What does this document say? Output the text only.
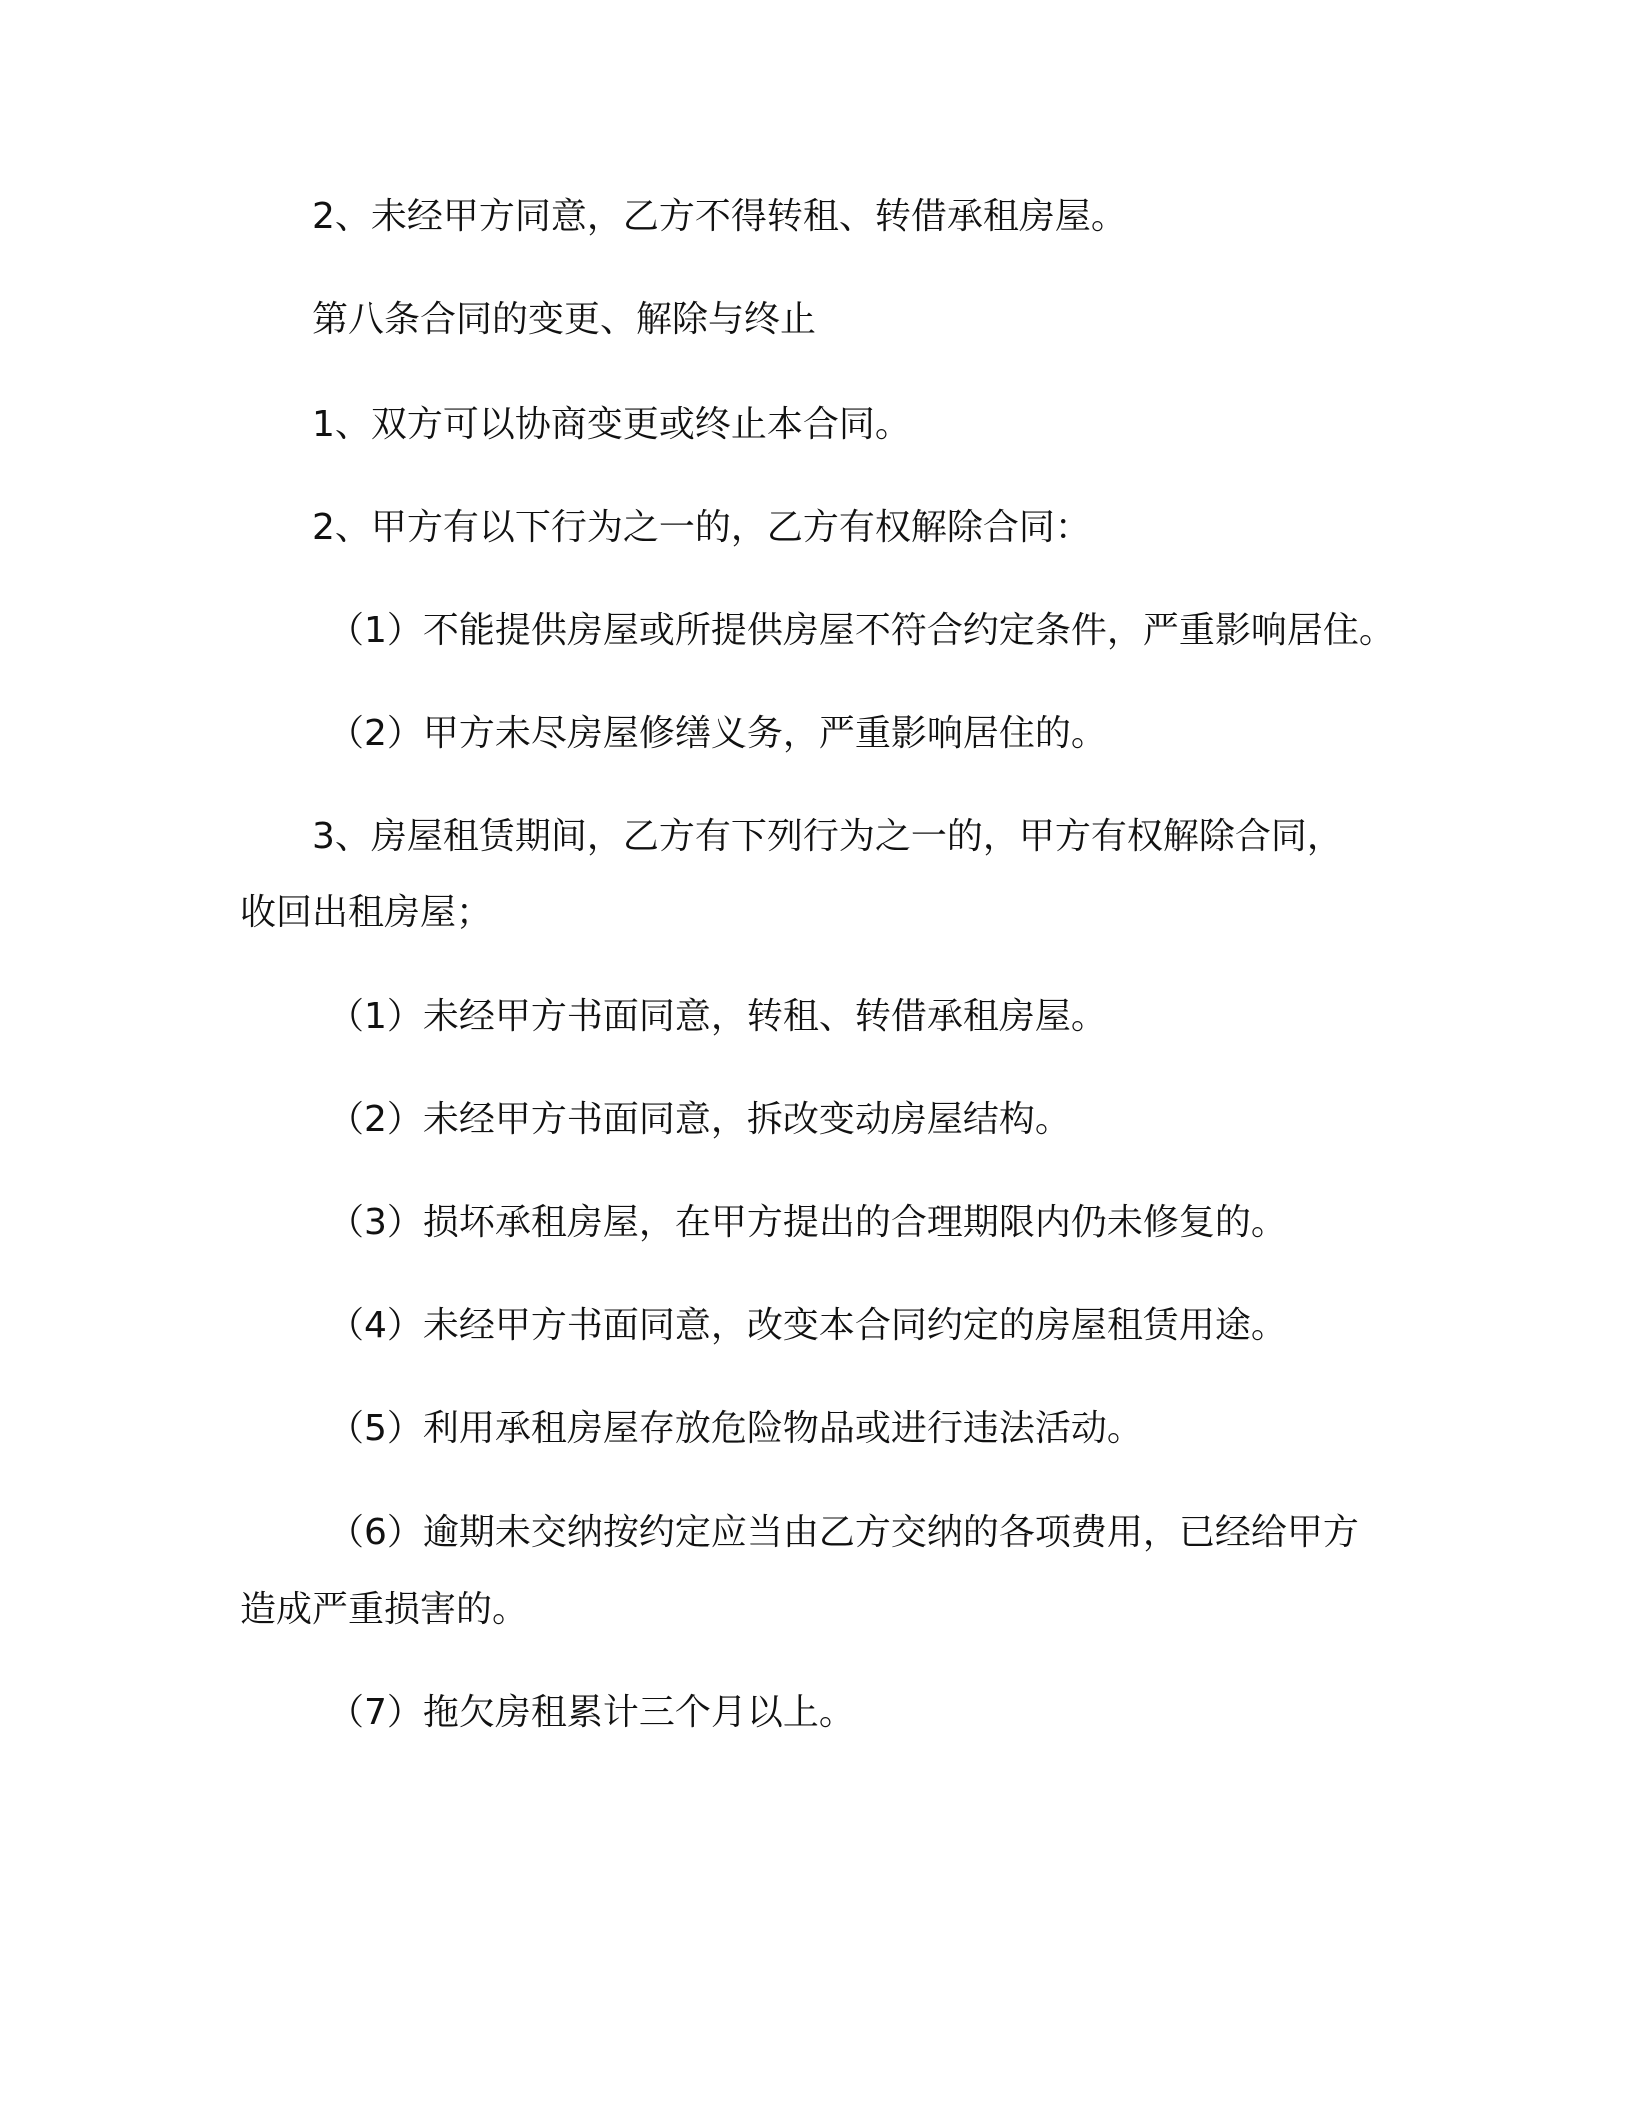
2、未经甲方同意，乙方不得转租、转借承租房屋。
第八条合同的变更、解除与终止
1、双方可以协商变更或终止本合同。
2、甲方有以下行为之一的，乙方有权解除合同：
（1）不能提供房屋或所提供房屋不符合约定条件，严重影响居住。
（2）甲方未尽房屋修缮义务，严重影响居住的。
3、房屋租赁期间，乙方有下列行为之一的，甲方有权解除合同，
收回出租房屋；
（1）未经甲方书面同意，转租、转借承租房屋。
（2）未经甲方书面同意，拆改变动房屋结构。
（3）损坏承租房屋，在甲方提出的合理期限内仍未修复的。
（4）未经甲方书面同意，改变本合同约定的房屋租赁用途。
（5）利用承租房屋存放危险物品或进行违法活动。
（6）逾期未交纳按约定应当由乙方交纳的各项费用，已经给甲方
造成严重损害的。
（7）拖欠房租累计三个月以上。
